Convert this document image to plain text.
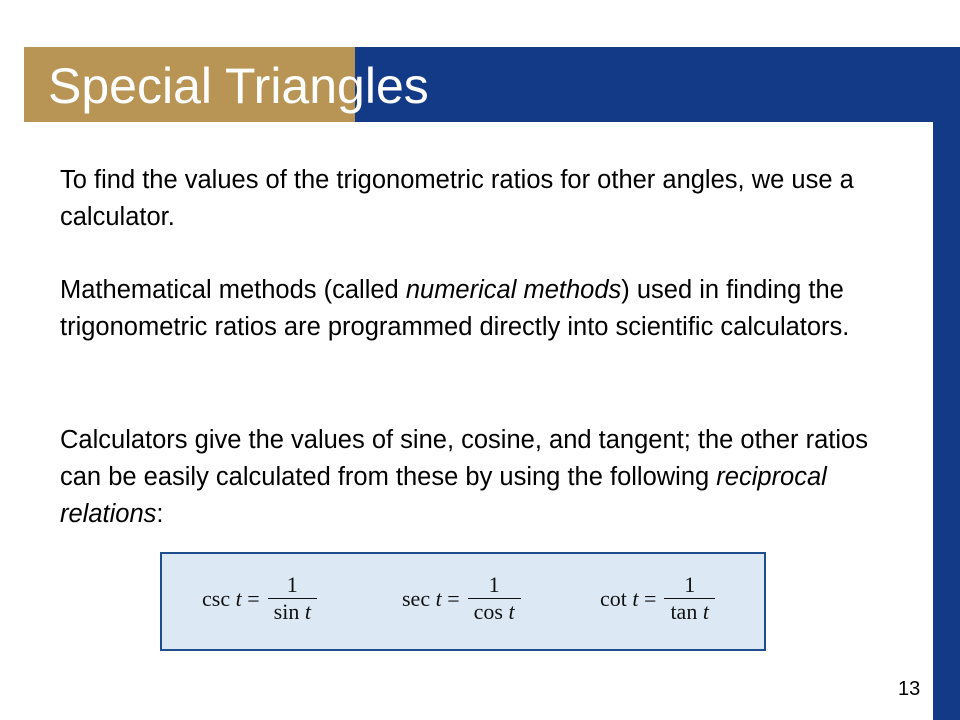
Special Triangles

To find the values of the trigonometric ratios for other angles, we use a calculator.

Mathematical methods (called numerical methods) used in finding the trigonometric ratios are programmed directly into scientific calculators.

Calculators give the values of sine, cosine, and tangent; the other ratios can be easily calculated from these by using the following reciprocal relations:

$\csc t = \frac{1}{\text{sin t}}$	$\sec t = \frac{1}{\text{cos t}}$	$\cot t = \frac{1}{\text{tan t}}$
13
